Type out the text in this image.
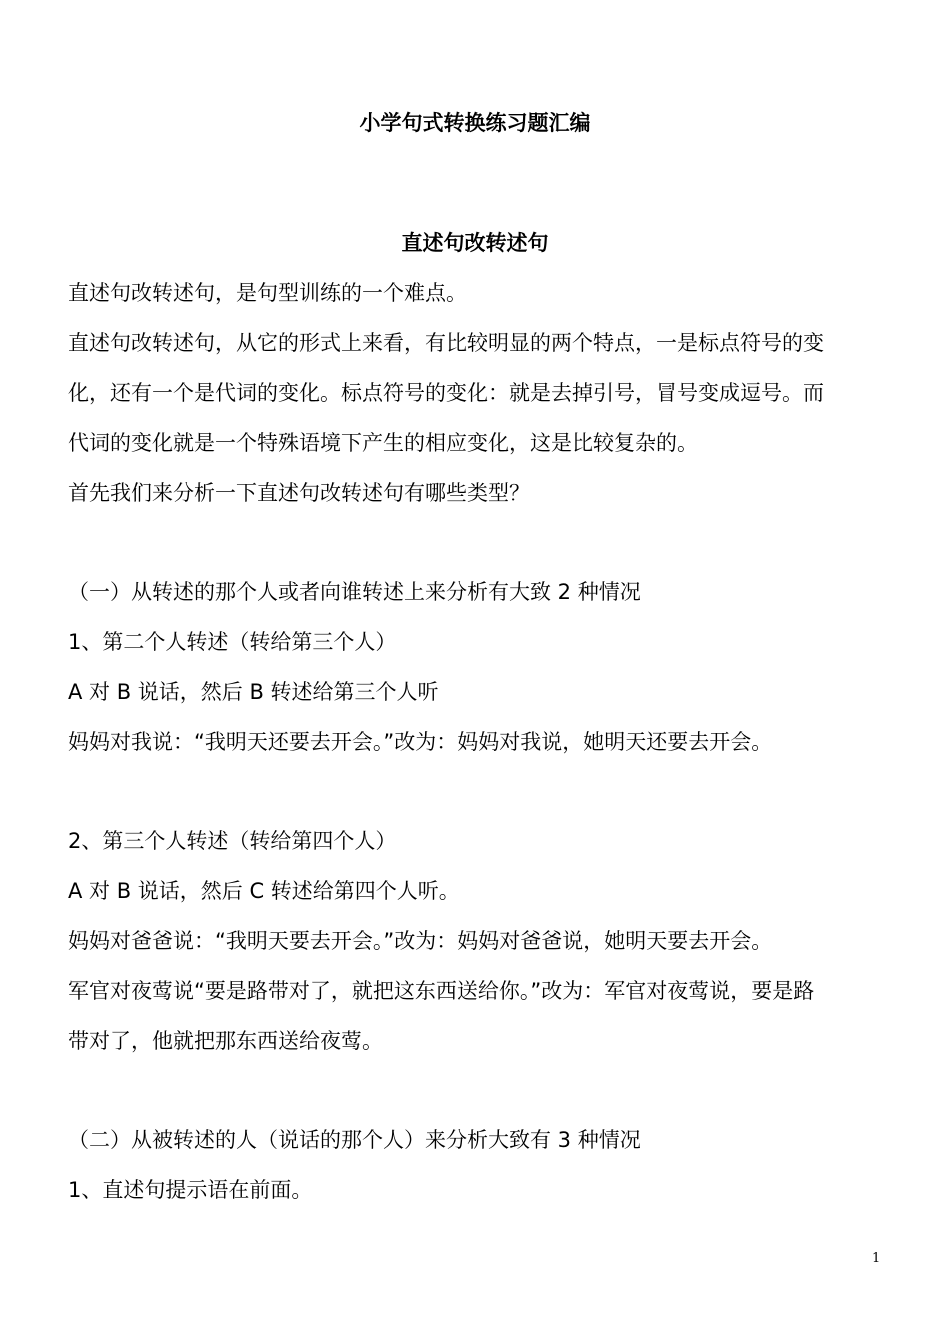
小学句式转换练习题汇编
直述句改转述句
直述句改转述句，是句型训练的一个难点。
直述句改转述句，从它的形式上来看，有比较明显的两个特点，一是标点符号的变
化，还有一个是代词的变化。标点符号的变化：就是去掉引号，冒号变成逗号。而
代词的变化就是一个特殊语境下产生的相应变化，这是比较复杂的。
首先我们来分析一下直述句改转述句有哪些类型？
（一）从转述的那个人或者向谁转述上来分析有大致 2 种情况
1、第二个人转述（转给第三个人）
A 对 B 说话，然后 B 转述给第三个人听
妈妈对我说：“我明天还要去开会。”改为：妈妈对我说，她明天还要去开会。
2、第三个人转述（转给第四个人）
A 对 B 说话，然后 C 转述给第四个人听。
妈妈对爸爸说：“我明天要去开会。”改为：妈妈对爸爸说，她明天要去开会。
军官对夜莺说“要是路带对了，就把这东西送给你。”改为：军官对夜莺说，要是路
带对了，他就把那东西送给夜莺。
（二）从被转述的人（说话的那个人）来分析大致有 3 种情况
1、直述句提示语在前面。
1
